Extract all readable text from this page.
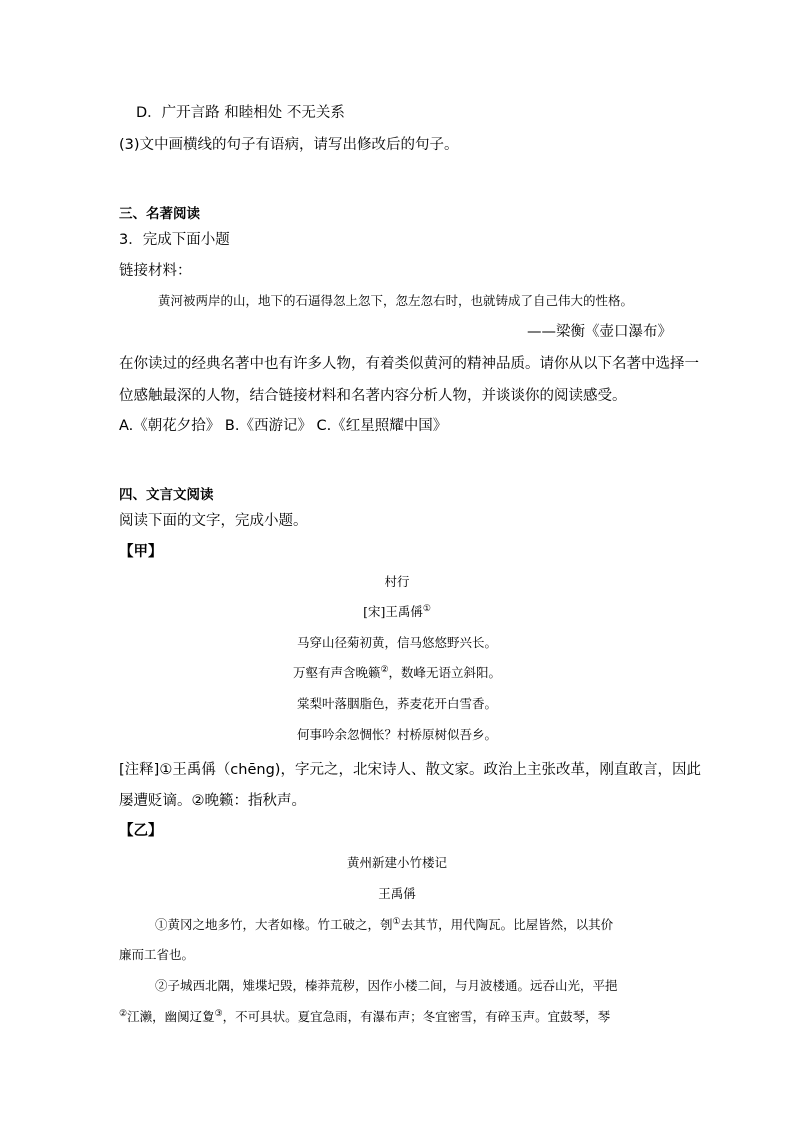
D．广开言路 和睦相处 不无关系
(3)文中画横线的句子有语病，请写出修改后的句子。
三、名著阅读
3．完成下面小题
链接材料：
黄河被两岸的山，地下的石逼得忽上忽下，忽左忽右时，也就铸成了自己伟大的性格。
——梁衡《壶口瀑布》
在你读过的经典名著中也有许多人物，有着类似黄河的精神品质。请你从以下名著中选择一
位感触最深的人物，结合链接材料和名著内容分析人物，并谈谈你的阅读感受。
A.《朝花夕拾》 B.《西游记》 C.《红星照耀中国》
四、文言文阅读
阅读下面的文字，完成小题。
【甲】
村行
[宋]王禹偁①
马穿山径菊初黄，信马悠悠野兴长。
万壑有声含晚籁②，数峰无语立斜阳。
棠梨叶落胭脂色，荞麦花开白雪香。
何事吟余忽惆怅？村桥原树似吾乡。
[注释]①王禹偁（chēng)，字元之，北宋诗人、散文家。政治上主张改革，刚直敢言，因此
屡遭贬谪。②晚籁：指秋声。
【乙】
黄州新建小竹楼记
王禹偁
①黄冈之地多竹，大者如椽。竹工破之，刳①去其节，用代陶瓦。比屋皆然，以其价
廉而工省也。
②子城西北隅，雉堞圮毁，榛莽荒秽，因作小楼二间，与月波楼通。远吞山光，平挹
②江濑，幽阒辽夐③，不可具状。夏宜急雨，有瀑布声；冬宜密雪，有碎玉声。宜鼓琴，琴
